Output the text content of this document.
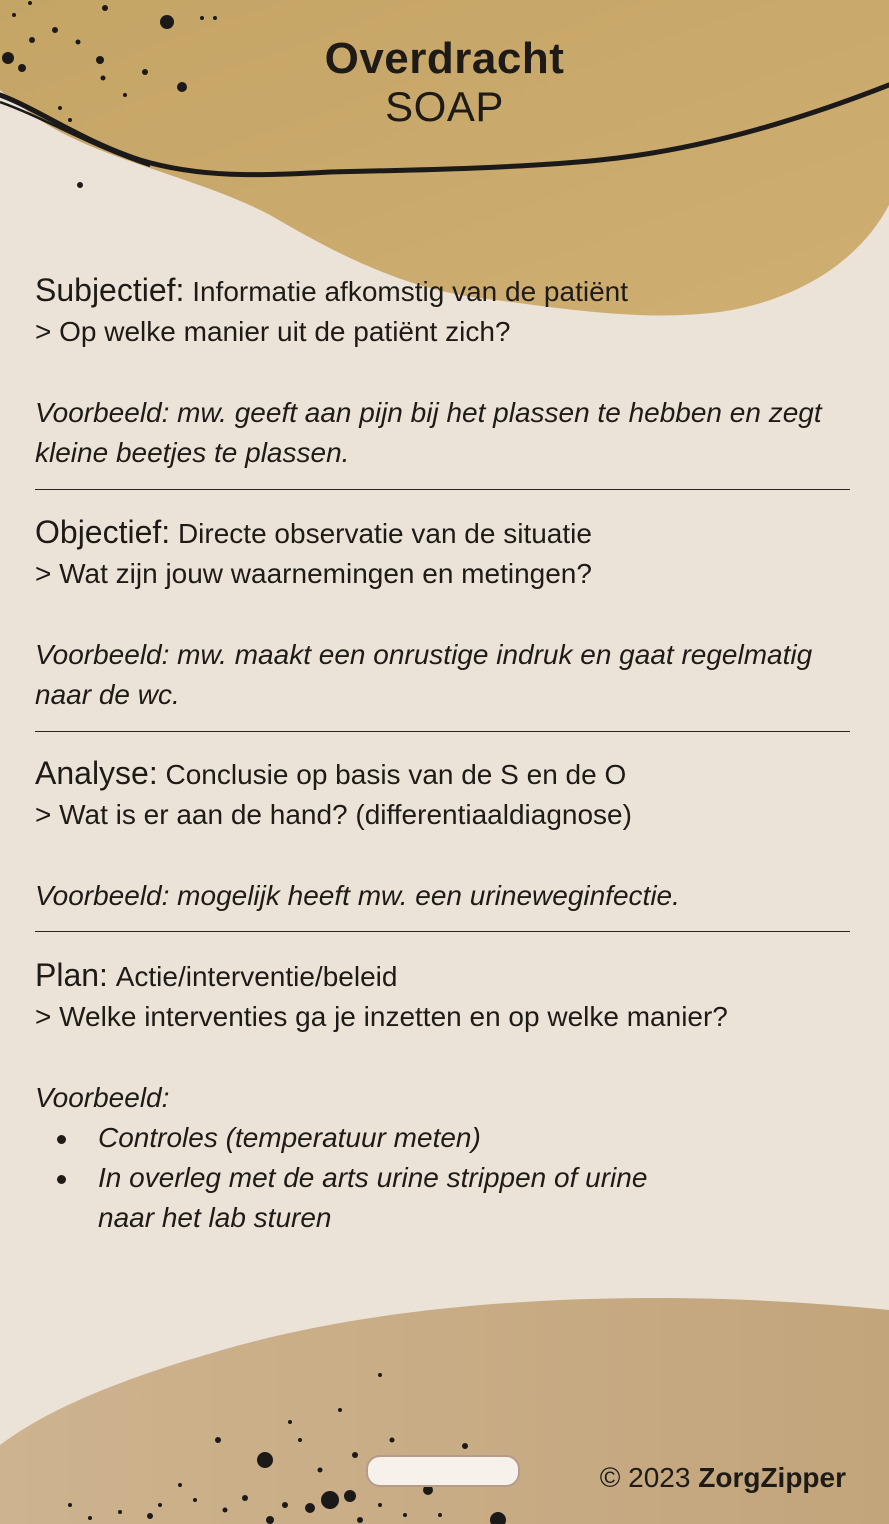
Overdracht
SOAP
Subjectief: Informatie afkomstig van de patiënt
> Op welke manier uit de patiënt zich?
Voorbeeld: mw. geeft aan pijn bij het plassen te hebben en zegt kleine beetjes te plassen.
Objectief: Directe observatie van de situatie
> Wat zijn jouw waarnemingen en metingen?
Voorbeeld: mw. maakt een onrustige indruk en gaat regelmatig naar de wc.
Analyse: Conclusie op basis van de S en de O
> Wat is er aan de hand? (differentiaaldiagnose)
Voorbeeld: mogelijk heeft mw. een urineweginfectie.
Plan: Actie/interventie/beleid
> Welke interventies ga je inzetten en op welke manier?
Voorbeeld:
Controles (temperatuur meten)
In overleg met de arts urine strippen of urine naar het lab sturen
© 2023 ZorgZipper
